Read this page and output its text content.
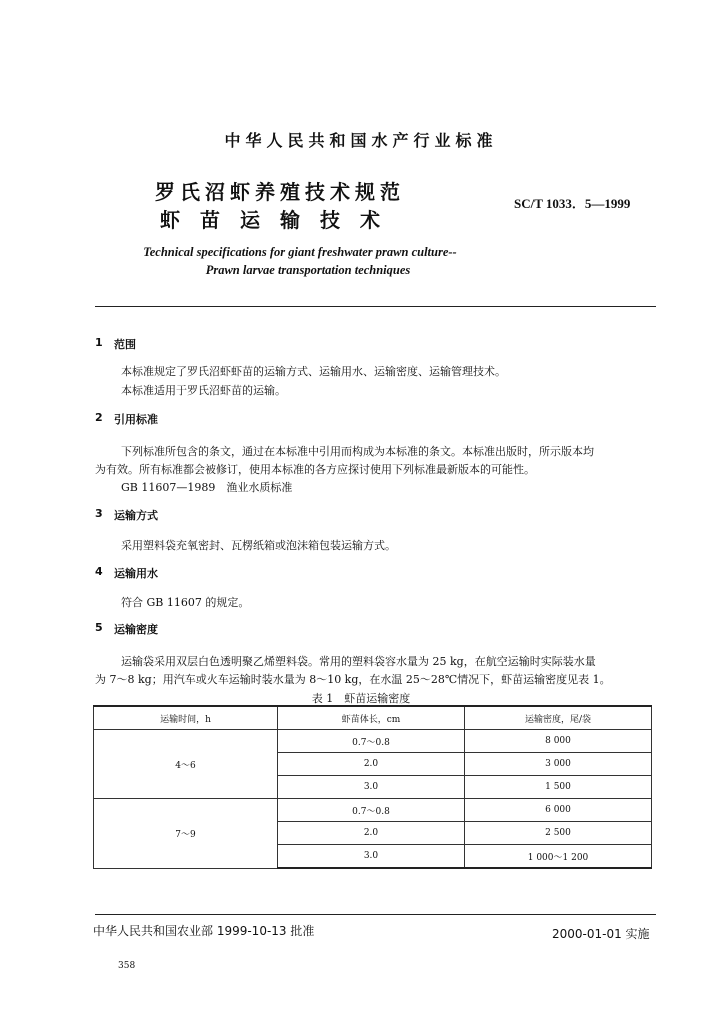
中华人民共和国水产行业标准
罗氏沼虾养殖技术规范
虾苗运输技术
SC/T 1033．5—1999
Technical specifications for giant freshwater prawn culture--
Prawn larvae transportation techniques
1 范围
本标准规定了罗氏沼虾虾苗的运输方式、运输用水、运输密度、运输管理技术。
本标准适用于罗氏沼虾苗的运输。
2 引用标准
下列标准所包含的条文，通过在本标准中引用而构成为本标准的条文。本标准出版时，所示版本均
为有效。所有标准都会被修订，使用本标准的各方应探讨使用下列标准最新版本的可能性。
GB 11607—1989　渔业水质标准
3 运输方式
采用塑料袋充氧密封、瓦楞纸箱或泡沫箱包装运输方式。
4 运输用水
符合 GB 11607 的规定。
5 运输密度
运输袋采用双层白色透明聚乙烯塑料袋。常用的塑料袋容水量为 25 kg，在航空运输时实际装水量
为 7～8 kg；用汽车或火车运输时装水量为 8～10 kg，在水温 25～28℃情况下，虾苗运输密度见表 1。
表 1　虾苗运输密度
运输时间，h	虾苗体长，cm	运输密度，尾/袋
4～6	0.7～0.8	8 000
	2.0	3 000
	3.0	1 500
7～9	0.7～0.8	6 000
	2.0	2 500
	3.0	1 000～1 200
中华人民共和国农业部 1999-10-13 批准	2000-01-01 实施
358
